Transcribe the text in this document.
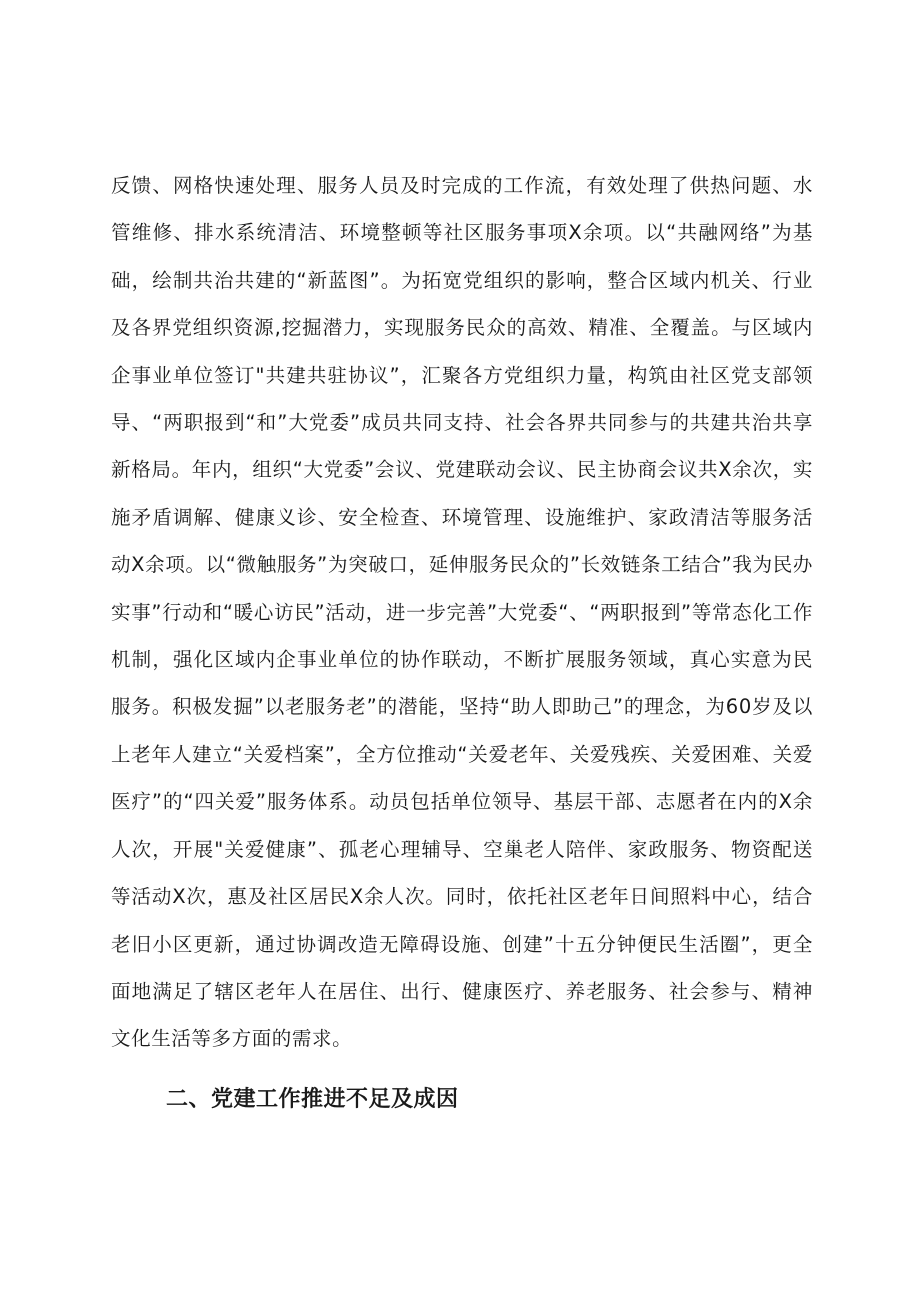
反馈、网格快速处理、服务人员及时完成的工作流，有效处理了供热问题、水管维修、排水系统清洁、环境整顿等社区服务事项X余项。以“共融网络”为基础，绘制共治共建的“新蓝图”。为拓宽党组织的影响，整合区域内机关、行业及各界党组织资源,挖掘潜力，实现服务民众的高效、精准、全覆盖。与区域内企事业单位签订"共建共驻协议”，汇聚各方党组织力量，构筑由社区党支部领导、“两职报到“和”大党委”成员共同支持、社会各界共同参与的共建共治共享新格局。年内，组织“大党委”会议、党建联动会议、民主协商会议共X余次，实施矛盾调解、健康义诊、安全检查、环境管理、设施维护、家政清洁等服务活动X余项。以“微触服务”为突破口，延伸服务民众的”长效链条工结合”我为民办实事”行动和“暖心访民”活动，进一步完善”大党委“、“两职报到”等常态化工作机制，强化区域内企事业单位的协作联动，不断扩展服务领域，真心实意为民服务。积极发掘”以老服务老”的潜能，坚持“助人即助己”的理念，为60岁及以上老年人建立“关爱档案”，全方位推动“关爱老年、关爱残疾、关爱困难、关爱医疗”的“四关爱”服务体系。动员包括单位领导、基层干部、志愿者在内的X余人次，开展"关爱健康”、孤老心理辅导、空巢老人陪伴、家政服务、物资配送等活动X次，惠及社区居民X余人次。同时，依托社区老年日间照料中心，结合老旧小区更新，通过协调改造无障碍设施、创建”十五分钟便民生活圈”，更全面地满足了辖区老年人在居住、出行、健康医疗、养老服务、社会参与、精神文化生活等多方面的需求。

二、党建工作推进不足及成因
